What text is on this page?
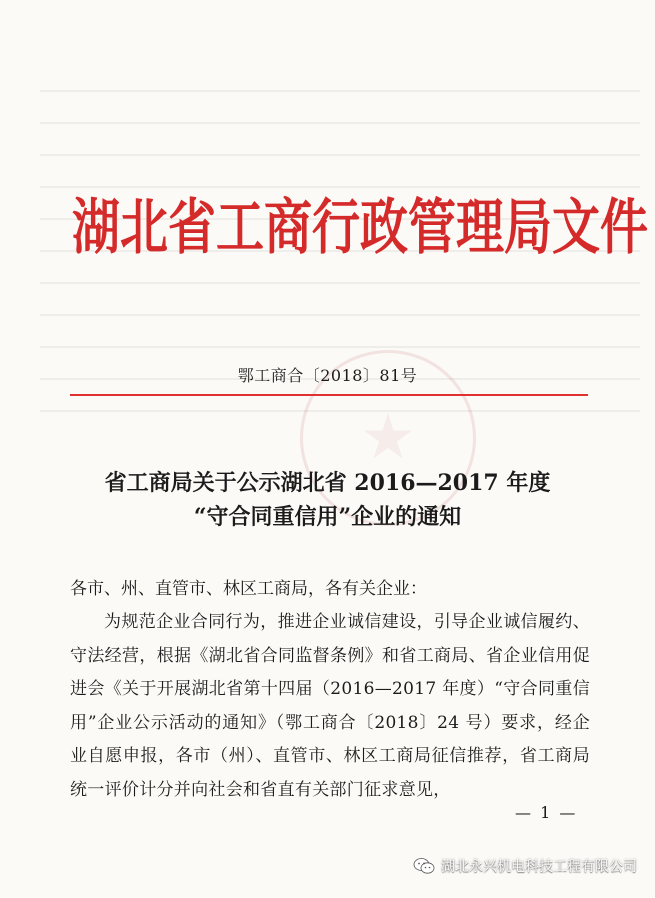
湖北省工商行政管理局文件
鄂工商合〔2018〕81号
省工商局关于公示湖北省 2016—2017 年度
“守合同重信用”企业的通知
各市、州、直管市、林区工商局，各有关企业：
为规范企业合同行为，推进企业诚信建设，引导企业诚信履约、守法经营，根据《湖北省合同监督条例》和省工商局、省企业信用促进会《关于开展湖北省第十四届（2016—2017 年度）“守合同重信用”企业公示活动的通知》（鄂工商合〔2018〕24 号）要求，经企业自愿申报，各市（州）、直管市、林区工商局征信推荐，省工商局统一评价计分并向社会和省直有关部门征求意见，
— 1 —
湖北永兴机电科技工程有限公司
